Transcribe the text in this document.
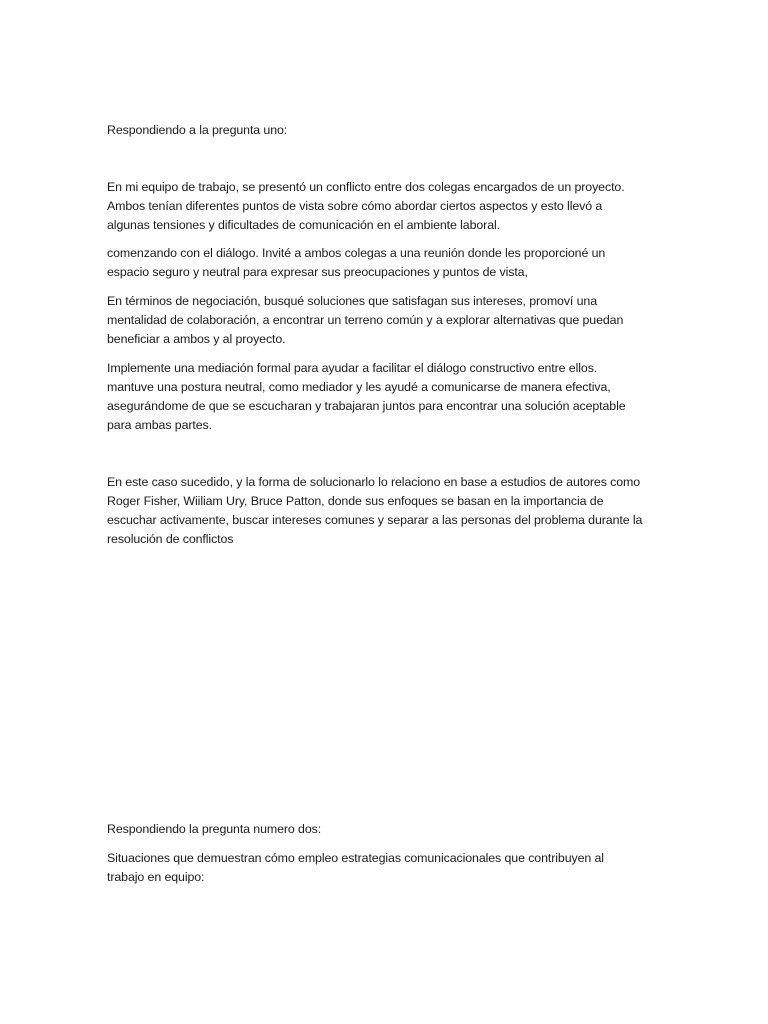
Respondiendo a la pregunta uno:

En mi equipo de trabajo, se presentó un conflicto entre dos colegas encargados de un proyecto.
Ambos tenían diferentes puntos de vista sobre cómo abordar ciertos aspectos y esto llevó a
algunas tensiones y dificultades de comunicación en el ambiente laboral.

comenzando con el diálogo. Invité a ambos colegas a una reunión donde les proporcioné un
espacio seguro y neutral para expresar sus preocupaciones y puntos de vista,

En términos de negociación, busqué soluciones que satisfagan sus intereses, promoví una
mentalidad de colaboración, a encontrar un terreno común y a explorar alternativas que puedan
beneficiar a ambos y al proyecto.

Implemente una mediación formal para ayudar a facilitar el diálogo constructivo entre ellos.
mantuve una postura neutral, como mediador y les ayudé a comunicarse de manera efectiva,
asegurándome de que se escucharan y trabajaran juntos para encontrar una solución aceptable
para ambas partes.

En este caso sucedido, y la forma de solucionarlo lo relaciono en base a estudios de autores como
Roger Fisher, Wiiliam Ury, Bruce Patton, donde sus enfoques se basan en la importancia de
escuchar activamente, buscar intereses comunes y separar a las personas del problema durante la
resolución de conflictos

Respondiendo la pregunta numero dos:

Situaciones que demuestran cómo empleo estrategias comunicacionales que contribuyen al
trabajo en equipo:
